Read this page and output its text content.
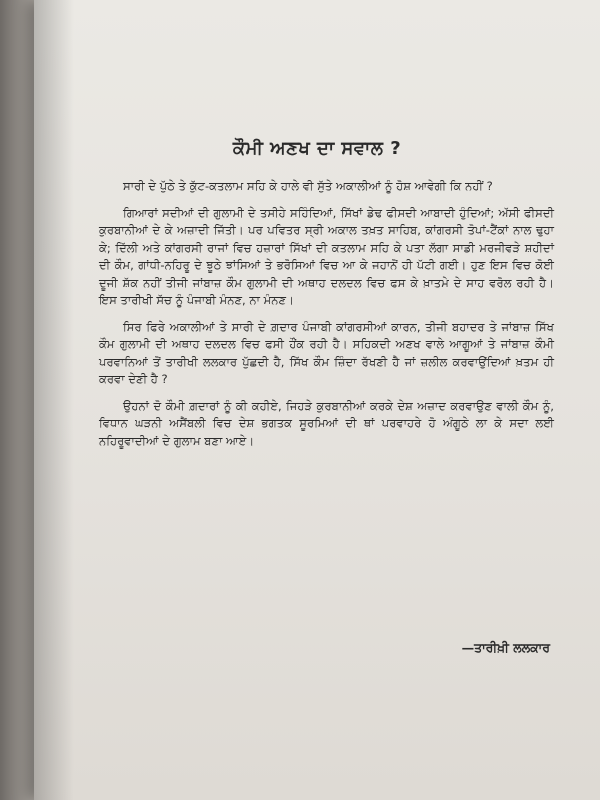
ਕੌਮੀ ਅਣਖ ਦਾ ਸਵਾਲ ?

ਸਾਰੀ ਦੇ ਪੁੱਠੇ ਤੇ ਕੁੱਟ-ਕਤਲਾਮ ਸਹਿ ਕੇ ਹਾਲੇ ਵੀ ਸੁੱਤੇ ਅਕਾਲੀਆਂ ਨੂੰ ਹੋਸ਼ ਆਵੇਗੀ ਕਿ ਨਹੀਂ ?

ਗਿਆਰਾਂ ਸਦੀਆਂ ਦੀ ਗੁਲਾਮੀ ਦੇ ਤਸੀਹੇ ਸਹਿੰਦਿਆਂ, ਸਿੱਖਾਂ ਡੇਢ ਫੀਸਦੀ ਆਬਾਦੀ ਹੁੰਦਿਆਂ; ਅੱਸੀ ਫੀਸਦੀ ਕੁਰਬਾਨੀਆਂ ਦੇ ਕੇ ਅਜ਼ਾਦੀ ਜਿੱਤੀ। ਪਰ ਪਵਿਤਰ ਸ੍ਰੀ ਅਕਾਲ ਤਖ਼ਤ ਸਾਹਿਬ, ਕਾਂਗਰਸੀ ਤੋਪਾਂ-ਟੈਂਕਾਂ ਨਾਲ ਢੁਹਾ ਕੇ; ਦਿੱਲੀ ਅਤੇ ਕਾਂਗਰਸੀ ਰਾਜਾਂ ਵਿਚ ਹਜ਼ਾਰਾਂ ਸਿੱਖਾਂ ਦੀ ਕਤਲਾਮ ਸਹਿ ਕੇ ਪਤਾ ਲੱਗਾ ਸਾਡੀ ਮਰਜੀਵੜੇ ਸ਼ਹੀਦਾਂ ਦੀ ਕੌਮ, ਗਾਂਧੀ-ਨਹਿਰੂ ਦੇ ਝੂਠੇ ਝਾਂਸਿਆਂ ਤੇ ਭਰੋਸਿਆਂ ਵਿਚ ਆ ਕੇ ਜਹਾਨੋਂ ਹੀ ਪੱਟੀ ਗਈ। ਹੁਣ ਇਸ ਵਿਚ ਕੋਈ ਦੂਜੀ ਸ਼ੱਕ ਨਹੀਂ ਤੀਜੀ ਜਾਂਬਾਜ਼ ਕੌਮ ਗੁਲਾਮੀ ਦੀ ਅਥਾਹ ਦਲਦਲ ਵਿਚ ਫਸ ਕੇ ਖ਼ਾਤਮੇ ਦੇ ਸਾਹ ਵਰੋਲ ਰਹੀ ਹੈ। ਇਸ ਤਾਰੀਖੀ ਸੱਚ ਨੂੰ ਪੰਜਾਬੀ ਮੰਨਣ, ਨਾ ਮੰਨਣ।

ਸਿਰ ਫਿਰੇ ਅਕਾਲੀਆਂ ਤੇ ਸਾਰੀ ਦੇ ਗ਼ਦਾਰ ਪੰਜਾਬੀ ਕਾਂਗਰਸੀਆਂ ਕਾਰਨ, ਤੀਜੀ ਬਹਾਦਰ ਤੇ ਜਾਂਬਾਜ਼ ਸਿੱਖ ਕੌਮ ਗੁਲਾਮੀ ਦੀ ਅਥਾਹ ਦਲਦਲ ਵਿਚ ਫਸੀ ਹੌਂਕ ਰਹੀ ਹੈ। ਸਹਿਕਦੀ ਅਣਖ ਵਾਲੇ ਆਗੂਆਂ ਤੇ ਜਾਂਬਾਜ਼ ਕੌਮੀ ਪਰਵਾਨਿਆਂ ਤੋਂ ਤਾਰੀਖੀ ਲਲਕਾਰ ਪੁੱਛਦੀ ਹੈ, ਸਿੱਖ ਕੌਮ ਜ਼ਿੰਦਾ ਰੱਖਣੀ ਹੈ ਜਾਂ ਜ਼ਲੀਲ ਕਰਵਾਉਂਦਿਆਂ ਖ਼ਤਮ ਹੀ ਕਰਵਾ ਦੇਣੀ ਹੈ ?

ਉਹਨਾਂ ਦੋ ਕੌਮੀ ਗ਼ਦਾਰਾਂ ਨੂੰ ਕੀ ਕਹੀਏ, ਜਿਹੜੇ ਕੁਰਬਾਨੀਆਂ ਕਰਕੇ ਦੇਸ਼ ਅਜ਼ਾਦ ਕਰਵਾਉਣ ਵਾਲੀ ਕੌਮ ਨੂੰ, ਵਿਧਾਨ ਘੜਨੀ ਅਸੈਂਬਲੀ ਵਿਚ ਦੇਸ਼ ਭਗਤਕ ਸੂਰਮਿਆਂ ਦੀ ਥਾਂ ਪਰਵਾਹਰੇ ਹੋ ਅੰਗੂਠੇ ਲਾ ਕੇ ਸਦਾ ਲਈ ਨਹਿਰੂਵਾਦੀਆਂ ਦੇ ਗੁਲਾਮ ਬਣਾ ਆਏ।

—ਤਾਰੀਖ਼ੀ ਲਲਕਾਰ
